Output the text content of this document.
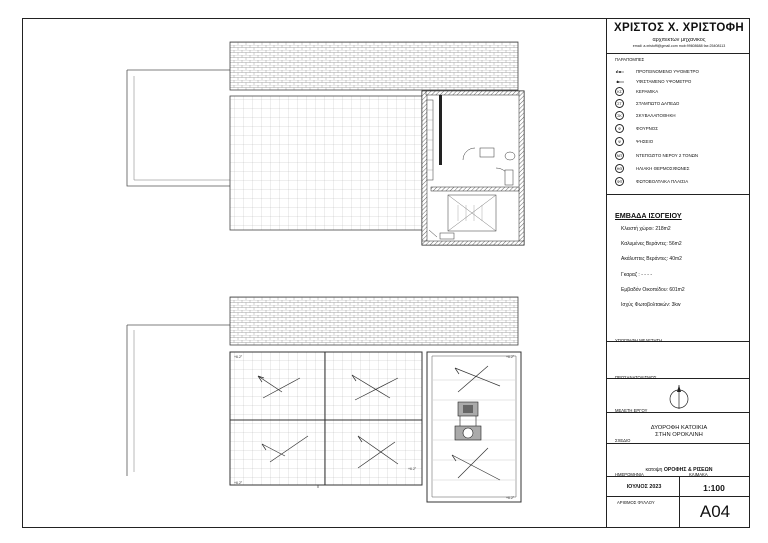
+6.2°
+6.2°
+6.2°
+6.2°
+6.2°
ΧΡΙΣΤΟΣ Χ. ΧΡΙΣΤΟΦΗ
αρχιτεκτων μηχανικος
email: a.xristoffi@gmail.com mob:99608688 fax:25408113
ΠΑΡΑΠΟΜΠΕΣ
ΠΡΟΤΕΙΝΟΜΕΝΟ ΥΨΟΜΕΤΡΟ
ΥΦΙΣΤΑΜΕΝΟ ΥΨΟΜΕΤΡΟ
ΚΣ	ΚΕΡΑΜΙΚΑ
ΣΤ	ΣΤΑΜΠΩΤΟ ΔΑΠΕΔΟ
ΣΚ	ΣΚΥΒΑΛΑΠΟΘΗΚΗ
Φ	ΦΟΥΡΝΟΣ
Ψ	ΨΗΣΕΙΟ
ΝΠ	ΝΤΕΠΟΖΙΤΟ ΝΕΡΟΥ 2 ΤΟΝΩΝ
ΗΘ	ΗΛΙΑΚΗ ΘΕΡΜΟΣΙΦΩΝΕΣ
ΦΠ	ΦΩΤΟΒΟΛΤΑΙΚΑ ΠΛΑΙΣΙΑ
ΕΜΒΑΔΑ ΙΣΟΓΕΙΟΥ
Κλειστή χώροι: 218m2
Καλυμένες Βεράντες: 56m2
Ακάλυπτες Βεράντες: 40m2
Γκαραζ : - - - -
Εμβαδόν Οικοπέδου: 601m2
Ισχύς Φωτοβολτακών: 3kw
ΥΠΟΓΡΑΦΗ ΜΕΛΕΤΗΤΗ
ΠΡΟΣΑΝΑΤΟΛΙΣΜΟΣ
ΜΕΛΕΤΗ ΕΡΓΟΥ
ΔΥΟΡΟΦΗ ΚΑΤΟΙΚΙΑ
ΣΤΗΝ ΟΡΟΚΛΙΝΗ
ΣΧΕΔΙΟ
κατοψη ΟΡΟΦΗΣ & ΡΙΣΕΩΝ
ΗΜΕΡΟΜΗΝΙΑ	ΚΛΙΜΑΚΑ
ΙΟΥΛΙΟΣ 2023	1:100
ΑΡΙΘΜΟΣ ΦΥΛΛΟΥ	A04
